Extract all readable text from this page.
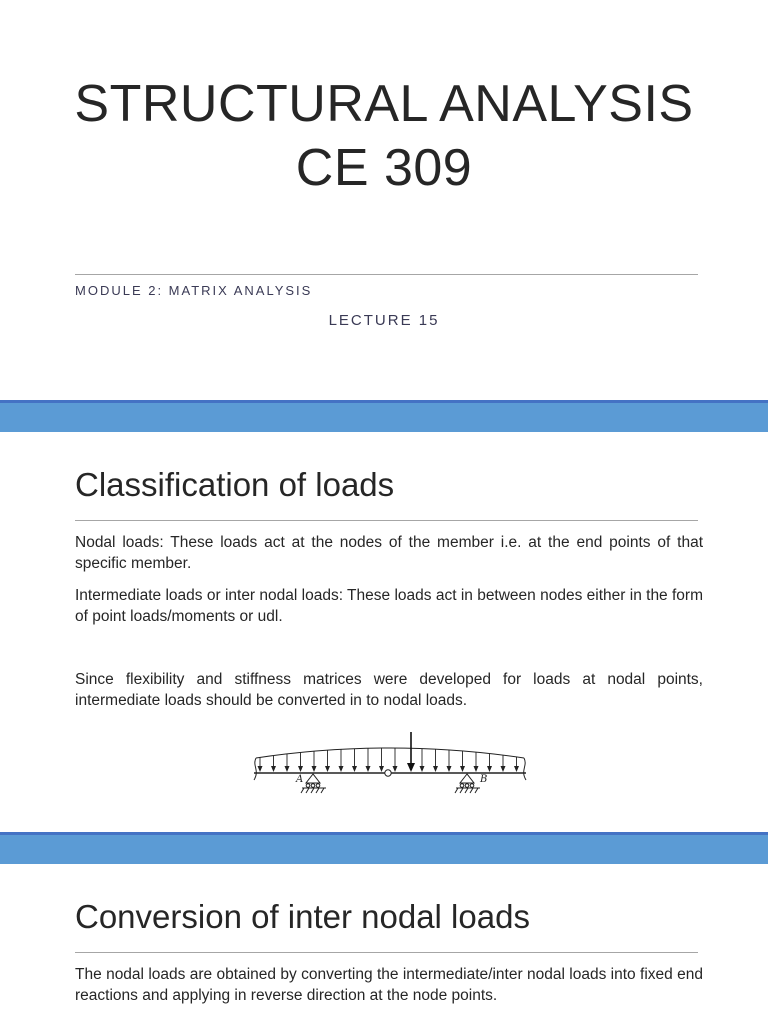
STRUCTURAL ANALYSIS
CE 309
MODULE 2: MATRIX ANALYSIS
LECTURE 15
Classification of loads

Nodal loads: These loads act at the nodes of the member i.e. at the end points of that specific member.

Intermediate loads or inter nodal loads: These loads act in between nodes either in the form of point loads/moments or udl.

Since flexibility and stiffness matrices were developed for loads at nodal points, intermediate loads should be converted in to nodal loads.

A	B
Conversion of inter nodal loads

The nodal loads are obtained by converting the intermediate/inter nodal loads into fixed end reactions and applying in reverse direction at the node points.
